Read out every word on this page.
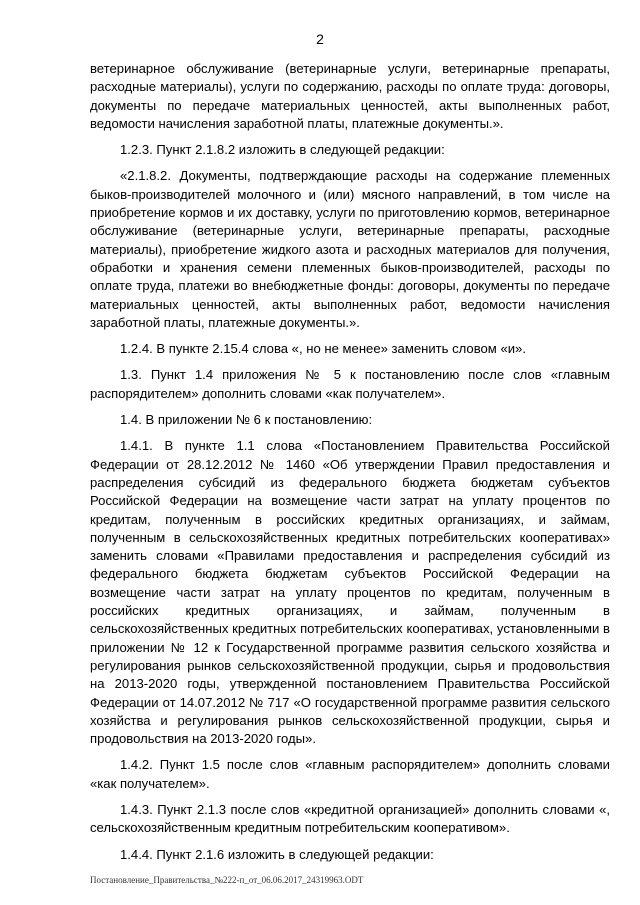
2

ветеринарное обслуживание (ветеринарные услуги, ветеринарные препараты, расходные материалы), услуги по содержанию, расходы по оплате труда: договоры, документы по передаче материальных ценностей, акты выполненных работ, ведомости начисления заработной платы, платежные документы.».

1.2.3. Пункт 2.1.8.2 изложить в следующей редакции:

«2.1.8.2. Документы, подтверждающие расходы на содержание племенных быков-производителей молочного и (или) мясного направлений, в том числе на приобретение кормов и их доставку, услуги по приготовлению кормов, ветеринарное обслуживание (ветеринарные услуги, ветеринарные препараты, расходные материалы), приобретение жидкого азота и расходных материалов для получения, обработки и хранения семени племенных быков-производителей, расходы по оплате труда, платежи во внебюджетные фонды: договоры, документы по передаче материальных ценностей, акты выполненных работ, ведомости начисления заработной платы, платежные документы.».

1.2.4. В пункте 2.15.4 слова «, но не менее» заменить словом «и».

1.3. Пункт 1.4 приложения № 5 к постановлению после слов «главным распорядителем» дополнить словами «как получателем».

1.4. В приложении № 6 к постановлению:

1.4.1. В пункте 1.1 слова «Постановлением Правительства Российской Федерации от 28.12.2012 № 1460 «Об утверждении Правил предоставления и распределения субсидий из федерального бюджета бюджетам субъектов Российской Федерации на возмещение части затрат на уплату процентов по кредитам, полученным в российских кредитных организациях, и займам, полученным в сельскохозяйственных кредитных потребительских кооперативах» заменить словами «Правилами предоставления и распределения субсидий из федерального бюджета бюджетам субъектов Российской Федерации на возмещение части затрат на уплату процентов по кредитам, полученным в российских кредитных организациях, и займам, полученным в сельскохозяйственных кредитных потребительских кооперативах, установленными в приложении № 12 к Государственной программе развития сельского хозяйства и регулирования рынков сельскохозяйственной продукции, сырья и продовольствия на 2013-2020 годы, утвержденной постановлением Правительства Российской Федерации от 14.07.2012 № 717 «О государственной программе развития сельского хозяйства и регулирования рынков сельскохозяйственной продукции, сырья и продовольствия на 2013-2020 годы».

1.4.2. Пункт 1.5 после слов «главным распорядителем» дополнить словами «как получателем».

1.4.3. Пункт 2.1.3 после слов «кредитной организацией» дополнить словами «, сельскохозяйственным кредитным потребительским кооперативом».

1.4.4. Пункт 2.1.6 изложить в следующей редакции:

Постановление_Правительства_№222-п_от_06.06.2017_24319963.ODT
